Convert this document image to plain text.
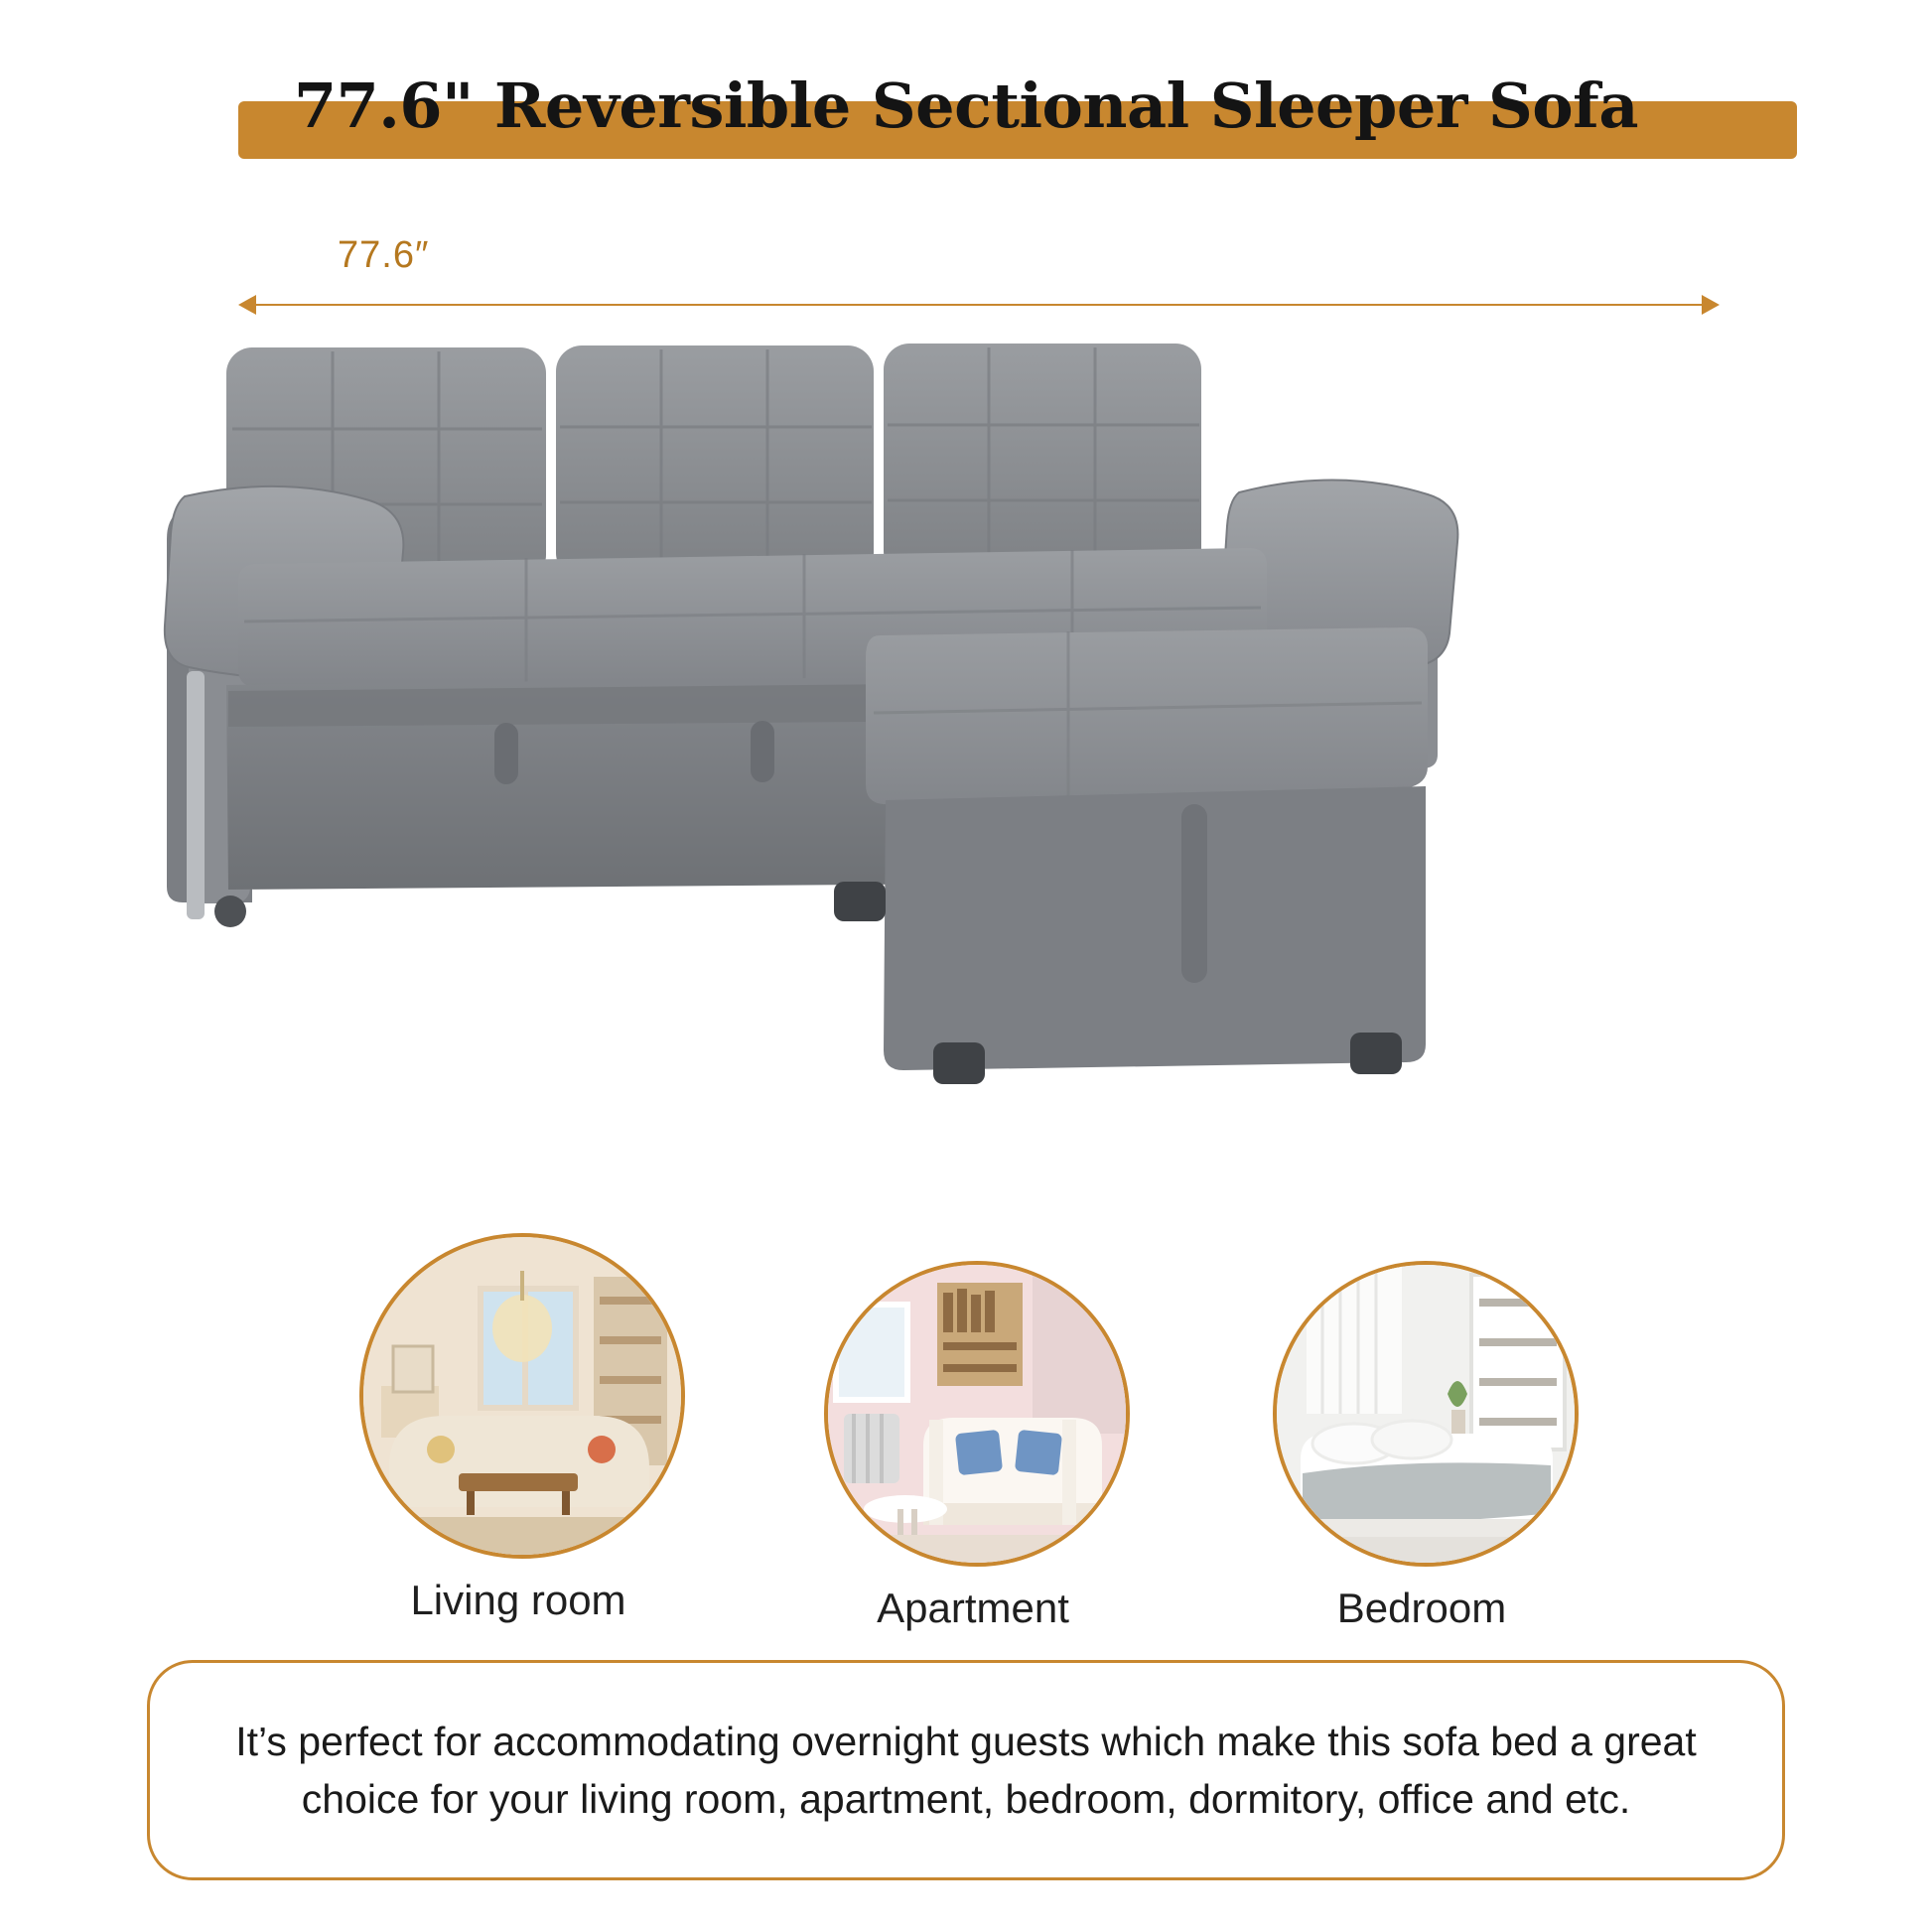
77.6" Reversible Sectional Sleeper Sofa
77.6″
Living room	Apartment	Bedroom

It’s perfect for accommodating overnight guests which make this sofa bed a great choice for your living room, apartment, bedroom, dormitory, office and etc.
